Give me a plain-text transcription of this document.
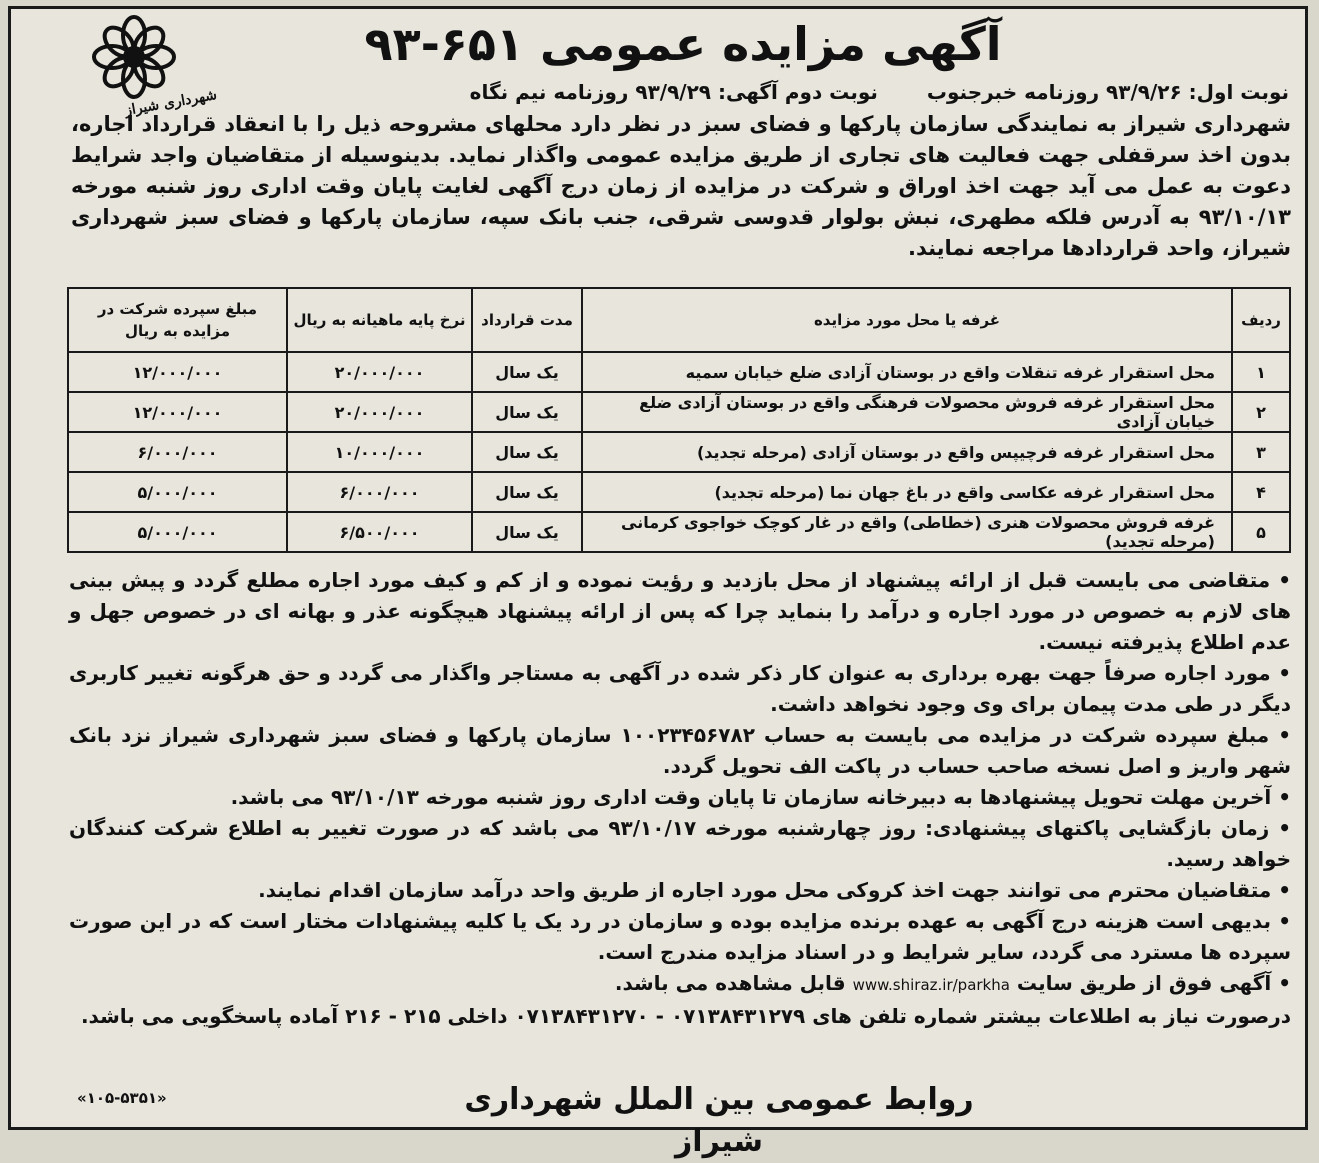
آگهی مزایده عمومی ۶۵۱-۹۳
شهرداری شیراز	نوبت اول: ۹۳/۹/۲۶ روزنامه خبرجنوب نوبت دوم آگهی: ۹۳/۹/۲۹ روزنامه نیم نگاه
شهرداری شیراز به نمایندگی سازمان پارکها و فضای سبز در نظر دارد محلهای مشروحه ذیل را با انعقاد قرارداد اجاره، بدون اخذ سرقفلی جهت فعالیت های تجاری از طریق مزایده عمومی واگذار نماید. بدینوسیله از متقاضیان واجد شرایط دعوت به عمل می آید جهت اخذ اوراق و شرکت در مزایده از زمان درج آگهی لغایت پایان وقت اداری روز شنبه مورخه ۹۳/۱۰/۱۳ به آدرس فلکه مطهری، نبش بولوار قدوسی شرقی، جنب بانک سپه، سازمان پارکها و فضای سبز شهرداری شیراز، واحد قراردادها مراجعه نمایند.
ردیف	غرفه یا محل مورد مزایده	مدت قرارداد	نرخ پایه ماهیانه به ریال	مبلغ سپرده شرکت در مزایده به ریال
۱	محل استقرار غرفه تنقلات واقع در بوستان آزادی ضلع خیابان سمیه	یک سال	۲۰/۰۰۰/۰۰۰	۱۲/۰۰۰/۰۰۰
۲	محل استقرار غرفه فروش محصولات فرهنگی واقع در بوستان آزادی ضلع خیابان آزادی	یک سال	۲۰/۰۰۰/۰۰۰	۱۲/۰۰۰/۰۰۰
۳	محل استقرار غرفه فرچیپس واقع در بوستان آزادی (مرحله تجدید)	یک سال	۱۰/۰۰۰/۰۰۰	۶/۰۰۰/۰۰۰
۴	محل استقرار غرفه عکاسی واقع در باغ جهان نما (مرحله تجدید)	یک سال	۶/۰۰۰/۰۰۰	۵/۰۰۰/۰۰۰
۵	غرفه فروش محصولات هنری (خطاطی) واقع در غار کوچک خواجوی کرمانی (مرحله تجدید)	یک سال	۶/۵۰۰/۰۰۰	۵/۰۰۰/۰۰۰

• متقاضی می بایست قبل از ارائه پیشنهاد از محل بازدید و رؤیت نموده و از کم و کیف مورد اجاره مطلع گردد و پیش بینی های لازم به خصوص در مورد اجاره و درآمد را بنماید چرا که پس از ارائه پیشنهاد هیچگونه عذر و بهانه ای در خصوص جهل و عدم اطلاع پذیرفته نیست.

• مورد اجاره صرفاً جهت بهره برداری به عنوان کار ذکر شده در آگهی به مستاجر واگذار می گردد و حق هرگونه تغییر کاربری دیگر در طی مدت پیمان برای وی وجود نخواهد داشت.

• مبلغ سپرده شرکت در مزایده می بایست به حساب ۱۰۰۲۳۴۵۶۷۸۲ سازمان پارکها و فضای سبز شهرداری شیراز نزد بانک شهر واریز و اصل نسخه صاحب حساب در پاکت الف تحویل گردد.

• آخرین مهلت تحویل پیشنهادها به دبیرخانه سازمان تا پایان وقت اداری روز شنبه مورخه ۹۳/۱۰/۱۳ می باشد.

• زمان بازگشایی پاکتهای پیشنهادی: روز چهارشنبه مورخه ۹۳/۱۰/۱۷ می باشد که در صورت تغییر به اطلاع شرکت کنندگان خواهد رسید.

• متقاضیان محترم می توانند جهت اخذ کروکی محل مورد اجاره از طریق واحد درآمد سازمان اقدام نمایند.

• بدیهی است هزینه درج آگهی به عهده برنده مزایده بوده و سازمان در رد یک یا کلیه پیشنهادات مختار است که در این صورت سپرده ها مسترد می گردد، سایر شرایط و در اسناد مزایده مندرج است.

• آگهی فوق از طریق سایت www.shiraz.ir/parkha قابل مشاهده می باشد.

درصورت نیاز به اطلاعات بیشتر شماره تلفن های ۰۷۱۳۸۴۳۱۲۷۹ - ۰۷۱۳۸۴۳۱۲۷۰ داخلی ۲۱۵ - ۲۱۶ آماده پاسخگویی می باشد.

روابط عمومی بین الملل شهرداری شیراز
«۱۰۵-۵۳۵۱»
